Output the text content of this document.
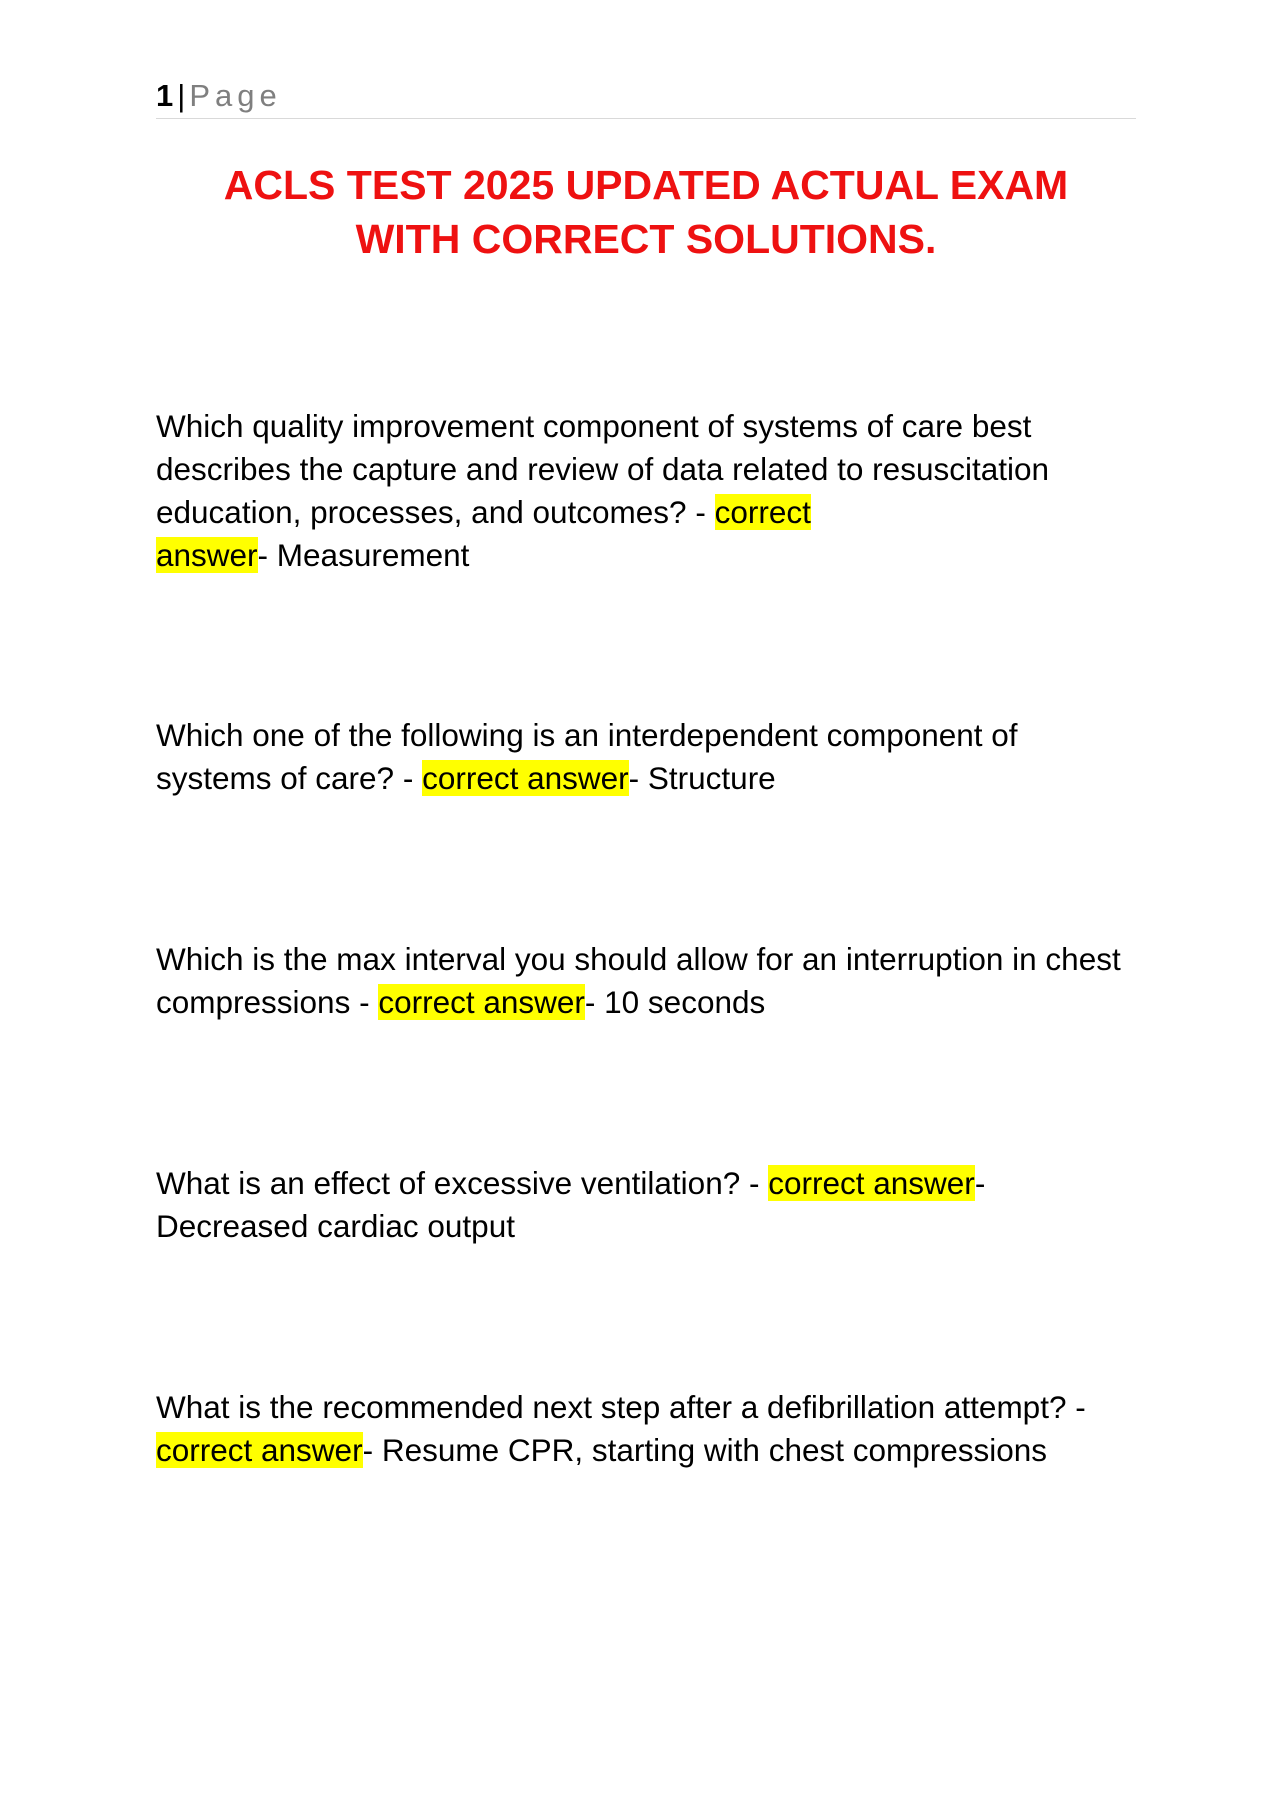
1 | Page
ACLS TEST 2025 UPDATED ACTUAL EXAM
WITH CORRECT SOLUTIONS.

Which quality improvement component of systems of care best describes the capture and review of data related to resuscitation education, processes, and outcomes? - correct
answer- Measurement

Which one of the following is an interdependent component of systems of care? - correct answer- Structure

Which is the max interval you should allow for an interruption in chest compressions - correct answer- 10 seconds

What is an effect of excessive ventilation? - correct answer-
Decreased cardiac output

What is the recommended next step after a defibrillation attempt? - correct answer- Resume CPR, starting with chest compressions
